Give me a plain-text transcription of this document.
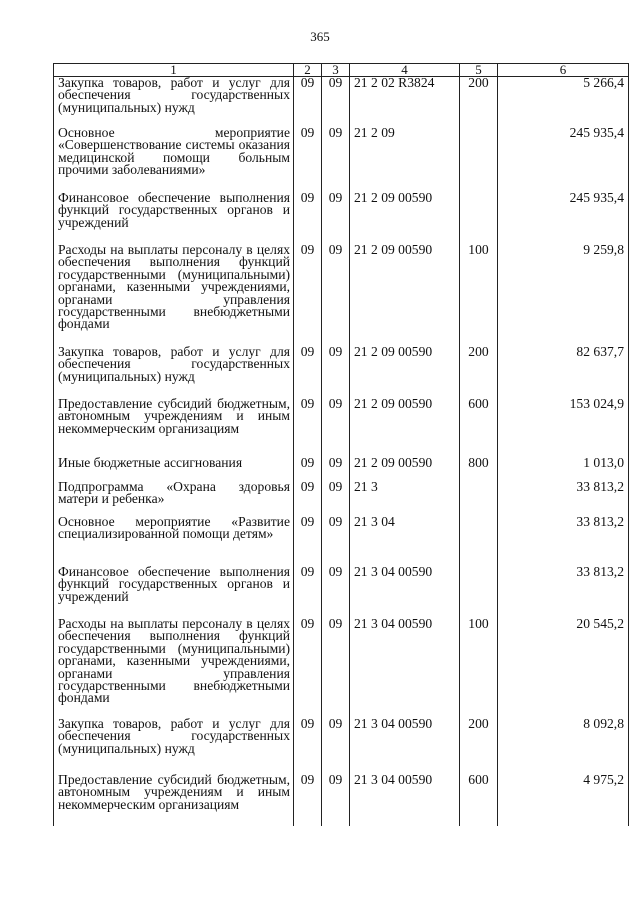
365
1	2	3	4	5	6
Закупка товаров, работ и услуг для обеспечения государственных (муниципальных) нужд	09	09	21 2 02 R3824	200	5 266,4
Основное мероприятие «Совершенствование системы оказания медицинской помощи больным прочими заболеваниями»	09	09	21 2 09		245 935,4
Финансовое обеспечение выполнения функций государственных органов и учреждений	09	09	21 2 09 00590		245 935,4
Расходы на выплаты персоналу в целях обеспечения выполнения функций государственными (муниципальными) органами, казенными учреждениями, органами управления государственными внебюджетными фондами	09	09	21 2 09 00590	100	9 259,8
Закупка товаров, работ и услуг для обеспечения государственных (муниципальных) нужд	09	09	21 2 09 00590	200	82 637,7
Предоставление субсидий бюджетным, автономным учреждениям и иным некоммерческим организациям	09	09	21 2 09 00590	600	153 024,9
Иные бюджетные ассигнования	09	09	21 2 09 00590	800	1 013,0
Подпрограмма «Охрана здоровья матери и ребенка»	09	09	21 3		33 813,2
Основное мероприятие «Развитие специализированной помощи детям»	09	09	21 3 04		33 813,2
Финансовое обеспечение выполнения функций государственных органов и учреждений	09	09	21 3 04 00590		33 813,2
Расходы на выплаты персоналу в целях обеспечения выполнения функций государственными (муниципальными) органами, казенными учреждениями, органами управления государственными внебюджетными фондами	09	09	21 3 04 00590	100	20 545,2
Закупка товаров, работ и услуг для обеспечения государственных (муниципальных) нужд	09	09	21 3 04 00590	200	8 092,8
Предоставление субсидий бюджетным, автономным учреждениям и иным некоммерческим организациям	09	09	21 3 04 00590	600	4 975,2
